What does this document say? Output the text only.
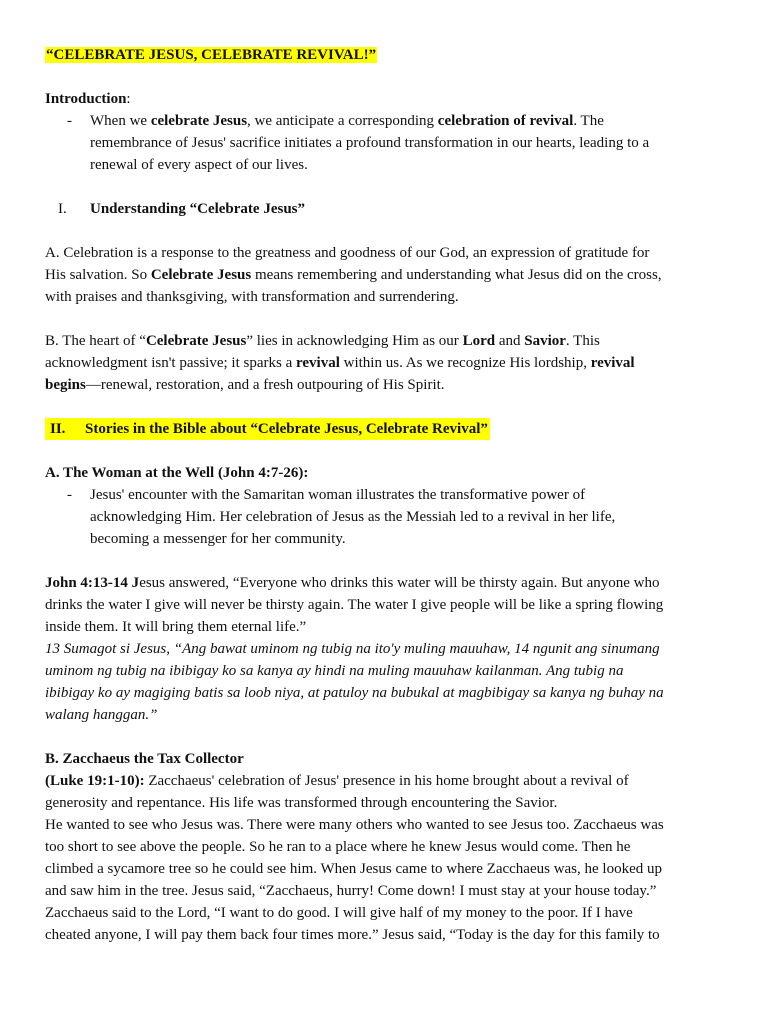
“CELEBRATE JESUS, CELEBRATE REVIVAL!”
Introduction:
- When we celebrate Jesus, we anticipate a corresponding celebration of revival. The
remembrance of Jesus' sacrifice initiates a profound transformation in our hearts, leading to a
renewal of every aspect of our lives.
I. Understanding “Celebrate Jesus”
A. Celebration is a response to the greatness and goodness of our God, an expression of gratitude for
His salvation. So Celebrate Jesus means remembering and understanding what Jesus did on the cross,
with praises and thanksgiving, with transformation and surrendering.
B. The heart of “Celebrate Jesus” lies in acknowledging Him as our Lord and Savior. This
acknowledgment isn't passive; it sparks a revival within us. As we recognize His lordship, revival
begins—renewal, restoration, and a fresh outpouring of His Spirit.
II. Stories in the Bible about “Celebrate Jesus, Celebrate Revival”
A. The Woman at the Well (John 4:7-26):
- Jesus' encounter with the Samaritan woman illustrates the transformative power of
acknowledging Him. Her celebration of Jesus as the Messiah led to a revival in her life,
becoming a messenger for her community.
John 4:13-14 Jesus answered, “Everyone who drinks this water will be thirsty again. But anyone who
drinks the water I give will never be thirsty again. The water I give people will be like a spring flowing
inside them. It will bring them eternal life.”
13 Sumagot si Jesus, “Ang bawat uminom ng tubig na ito'y muling mauuhaw, 14 ngunit ang sinumang
uminom ng tubig na ibibigay ko sa kanya ay hindi na muling mauuhaw kailanman. Ang tubig na
ibibigay ko ay magiging batis sa loob niya, at patuloy na bubukal at magbibigay sa kanya ng buhay na
walang hanggan.”
B. Zacchaeus the Tax Collector
(Luke 19:1-10): Zacchaeus' celebration of Jesus' presence in his home brought about a revival of
generosity and repentance. His life was transformed through encountering the Savior.
He wanted to see who Jesus was. There were many others who wanted to see Jesus too. Zacchaeus was
too short to see above the people. So he ran to a place where he knew Jesus would come. Then he
climbed a sycamore tree so he could see him. When Jesus came to where Zacchaeus was, he looked up
and saw him in the tree. Jesus said, “Zacchaeus, hurry! Come down! I must stay at your house today.”
Zacchaeus said to the Lord, “I want to do good. I will give half of my money to the poor. If I have
cheated anyone, I will pay them back four times more.” Jesus said, “Today is the day for this family to
